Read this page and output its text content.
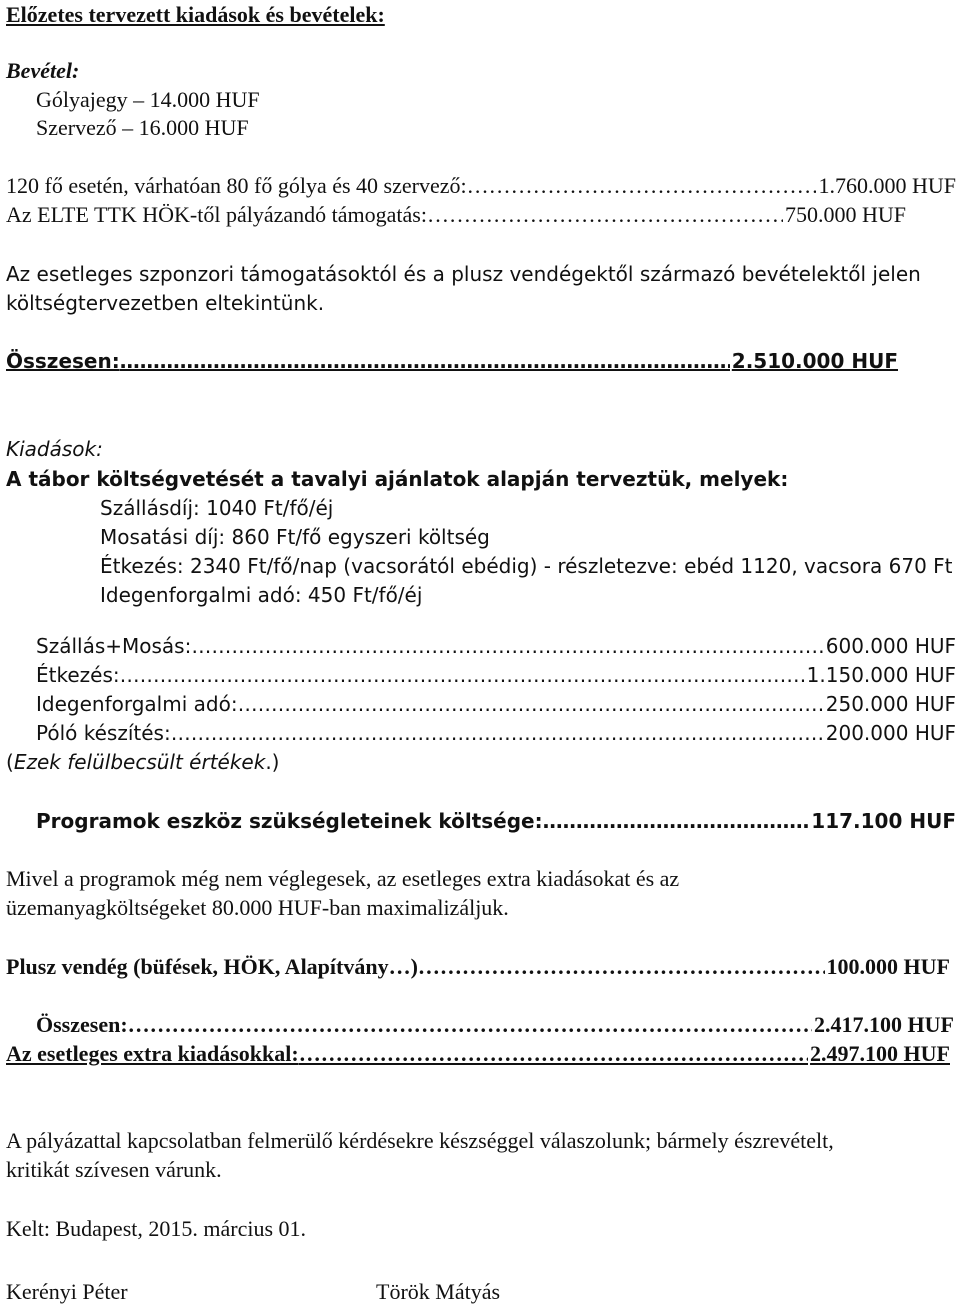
Előzetes tervezett kiadások és bevételek:
Bevétel:
Gólyajegy – 14.000 HUF
Szervező – 16.000 HUF
120 fő esetén, várhatóan 80 fő gólya és 40 szervező: …………………………………………………………………………………………………………………………………………………………………………………………………………………………………………	1.760.000 HUF
Az ELTE TTK HÖK-től pályázandó támogatás: …………………………………………………………………………………………………………………………………………………………………………………………………………………………………………	750.000 HUF
Az esetleges szponzori támogatásoktól és a plusz vendégektől származó bevételektől jelen
költségtervezetben eltekintünk.
Összesen: …………………………………………………………………………………………………………………………………………………………………………………………………………………………………………	2.510.000 HUF
Kiadások:
A tábor költségvetését a tavalyi ajánlatok alapján terveztük, melyek:
Szállásdíj: 1040 Ft/fő/éj
Mosatási díj: 860 Ft/fő egyszeri költség
Étkezés: 2340 Ft/fő/nap (vacsorától ebédig) - részletezve: ebéd 1120, vacsora 670 Ft
Idegenforgalmi adó: 450 Ft/fő/éj
Szállás+Mosás: …………………………………………………………………………………………………………………………………………………………………………………………………………………………………………	600.000 HUF
Étkezés: …………………………………………………………………………………………………………………………………………………………………………………………………………………………………………	1.150.000 HUF
Idegenforgalmi adó: …………………………………………………………………………………………………………………………………………………………………………………………………………………………………………	250.000 HUF
Póló készítés: …………………………………………………………………………………………………………………………………………………………………………………………………………………………………………	200.000 HUF
(Ezek felülbecsült értékek.)
Programok eszköz szükségleteinek költsége: …………………………………………………………………………………………………………………………………………………………………………………………………………………………………………	117.100 HUF
Mivel a programok még nem véglegesek, az esetleges extra kiadásokat és az
üzemanyagköltségeket 80.000 HUF-ban maximalizáljuk.
Plusz vendég (büfések, HÖK, Alapítvány…) …………………………………………………………………………………………………………………………………………………………………………………………………………………………………………	100.000 HUF
Összesen: …………………………………………………………………………………………………………………………………………………………………………………………………………………………………………	2.417.100 HUF
Az esetleges extra kiadásokkal: …………………………………………………………………………………………………………………………………………………………………………………………………………………………………………	2.497.100 HUF
A pályázattal kapcsolatban felmerülő kérdésekre készséggel válaszolunk; bármely észrevételt,
kritikát szívesen várunk.
Kelt: Budapest, 2015. március 01.
Kerényi Péter	Török Mátyás
